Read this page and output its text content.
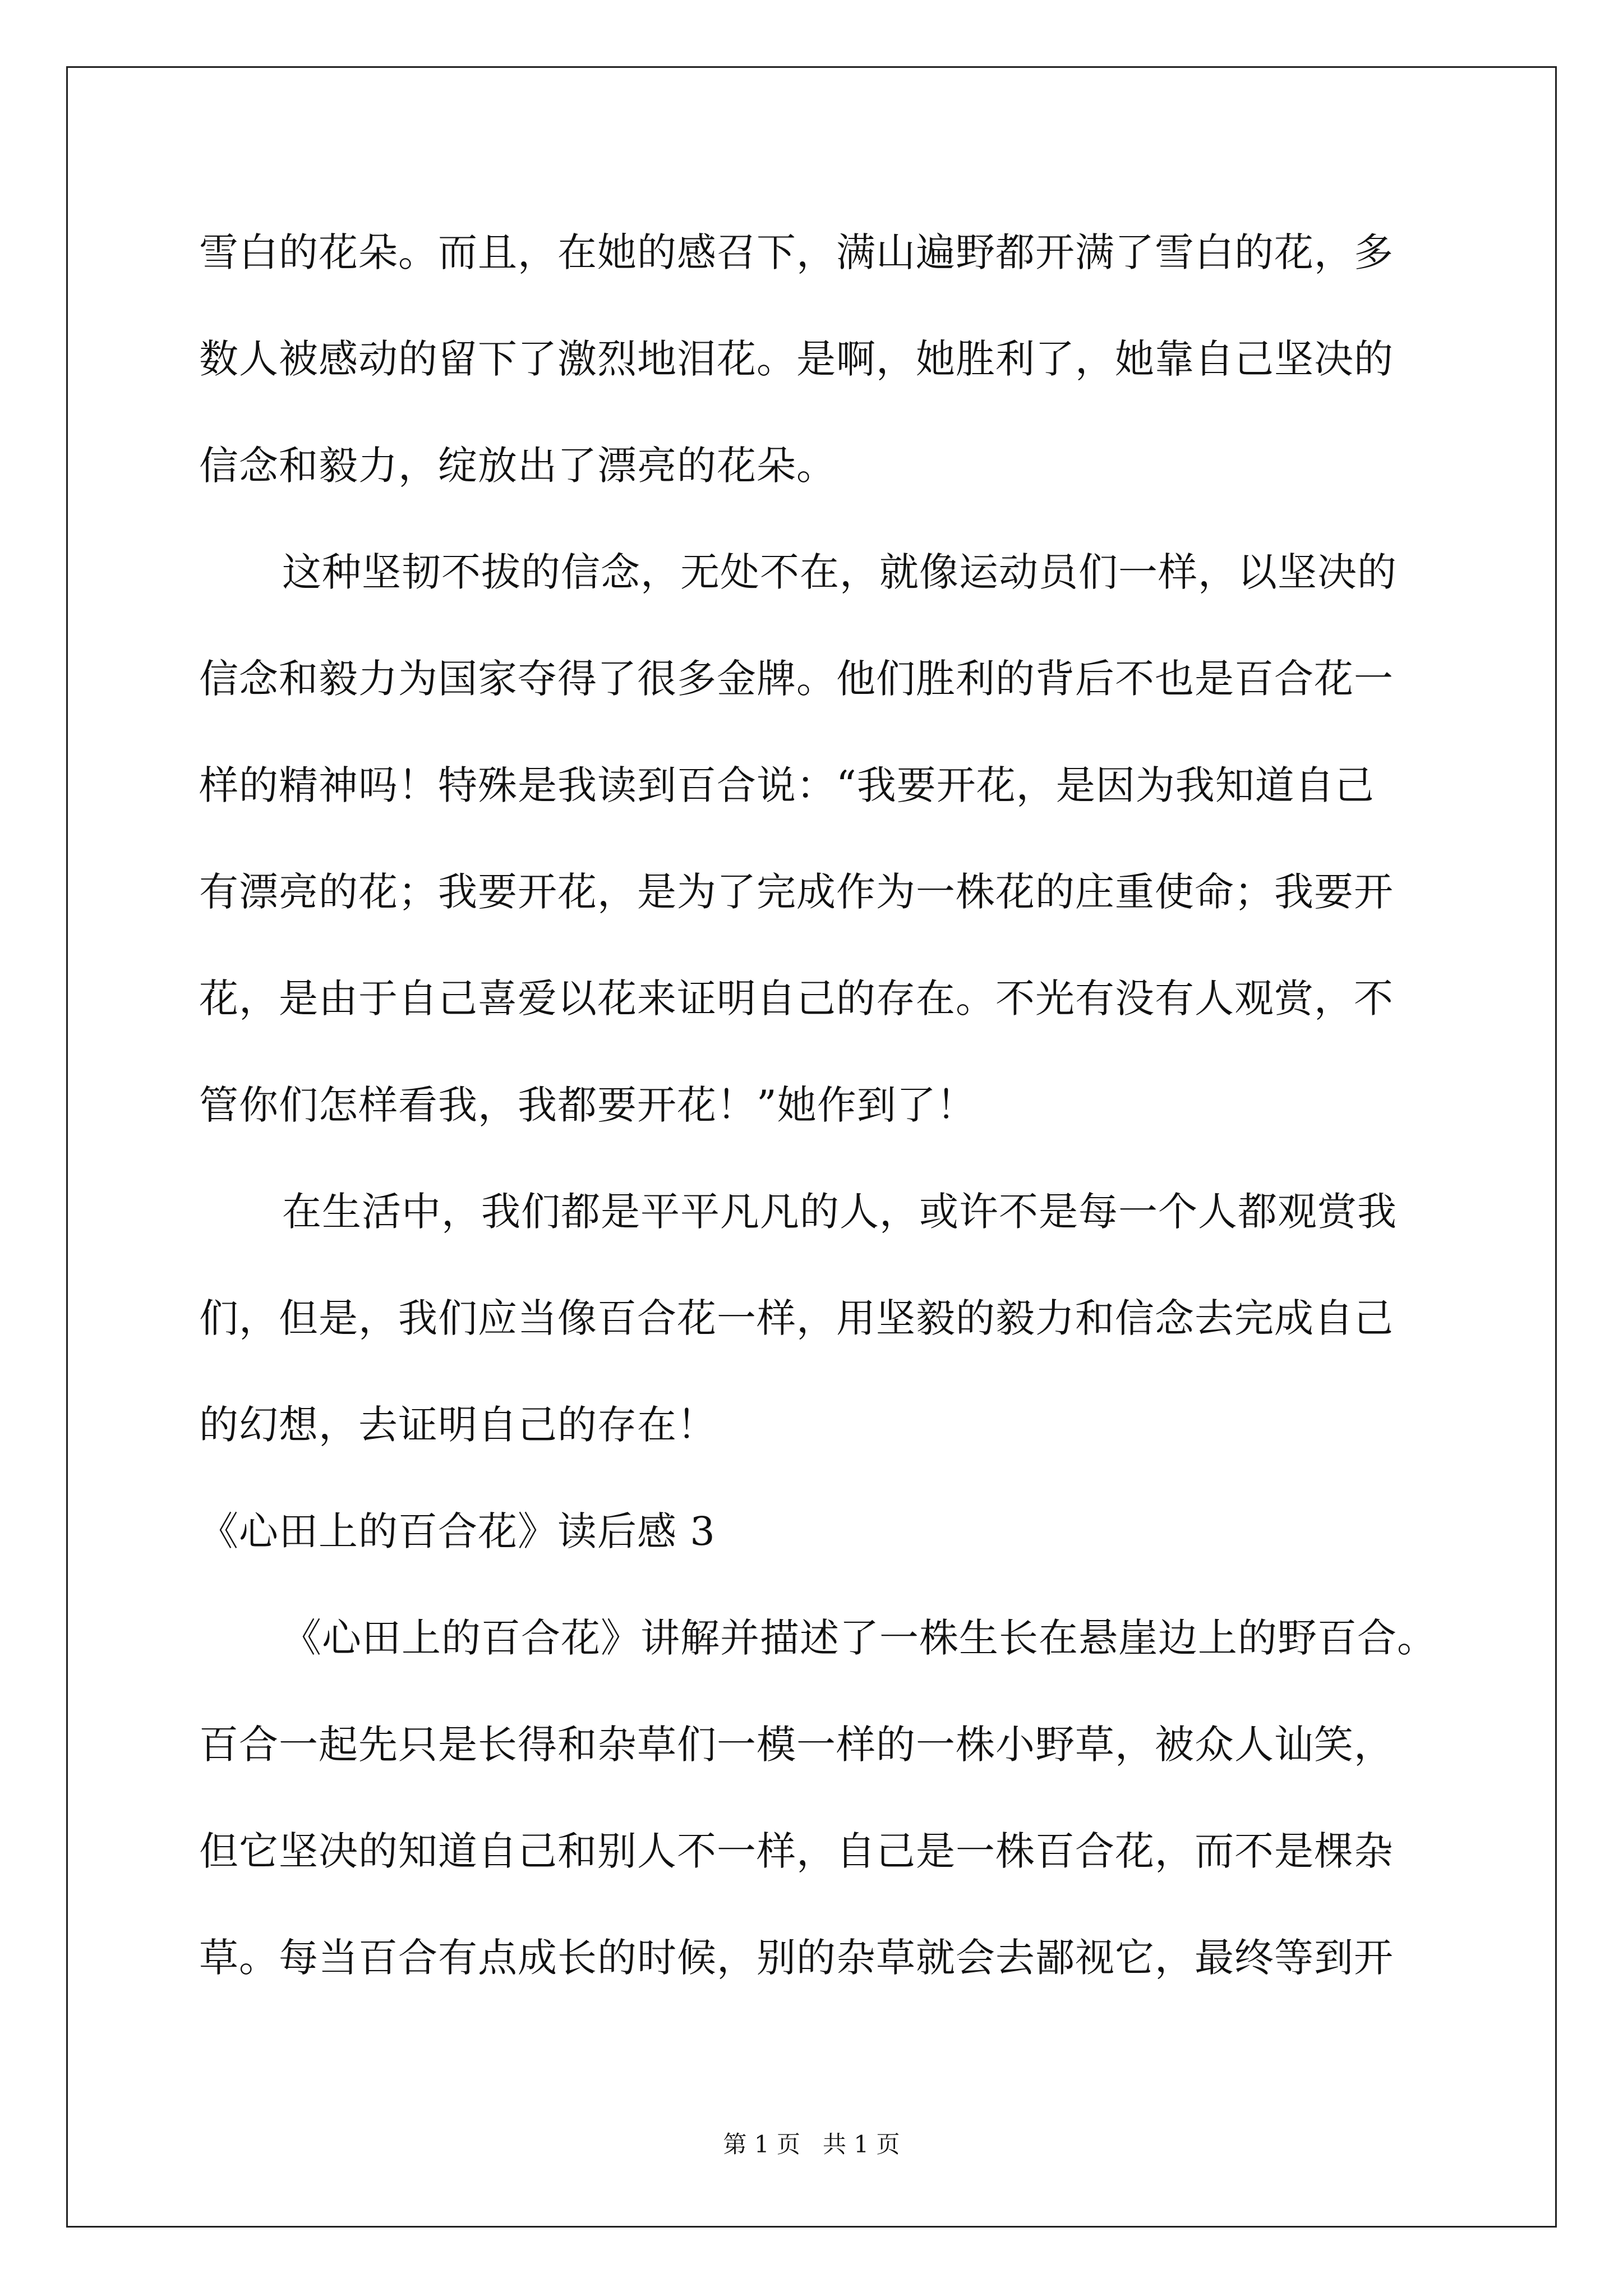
雪白的花朵。而且，在她的感召下，满山遍野都开满了雪白的花，多
数人被感动的留下了激烈地泪花。是啊，她胜利了，她靠自己坚决的
信念和毅力，绽放出了漂亮的花朵。
这种坚韧不拔的信念，无处不在，就像运动员们一样，以坚决的
信念和毅力为国家夺得了很多金牌。他们胜利的背后不也是百合花一
样的精神吗！特殊是我读到百合说：“我要开花，是因为我知道自己
有漂亮的花；我要开花，是为了完成作为一株花的庄重使命；我要开
花，是由于自己喜爱以花来证明自己的存在。不光有没有人观赏，不
管你们怎样看我，我都要开花！”她作到了！
在生活中，我们都是平平凡凡的人，或许不是每一个人都观赏我
们，但是，我们应当像百合花一样，用坚毅的毅力和信念去完成自己
的幻想，去证明自己的存在！
《心田上的百合花》读后感 3
《心田上的百合花》讲解并描述了一株生长在悬崖边上的野百合。
百合一起先只是长得和杂草们一模一样的一株小野草，被众人讪笑，
但它坚决的知道自己和别人不一样，自己是一株百合花，而不是棵杂
草。每当百合有点成长的时候，别的杂草就会去鄙视它，最终等到开
第 1 页   共 1 页
